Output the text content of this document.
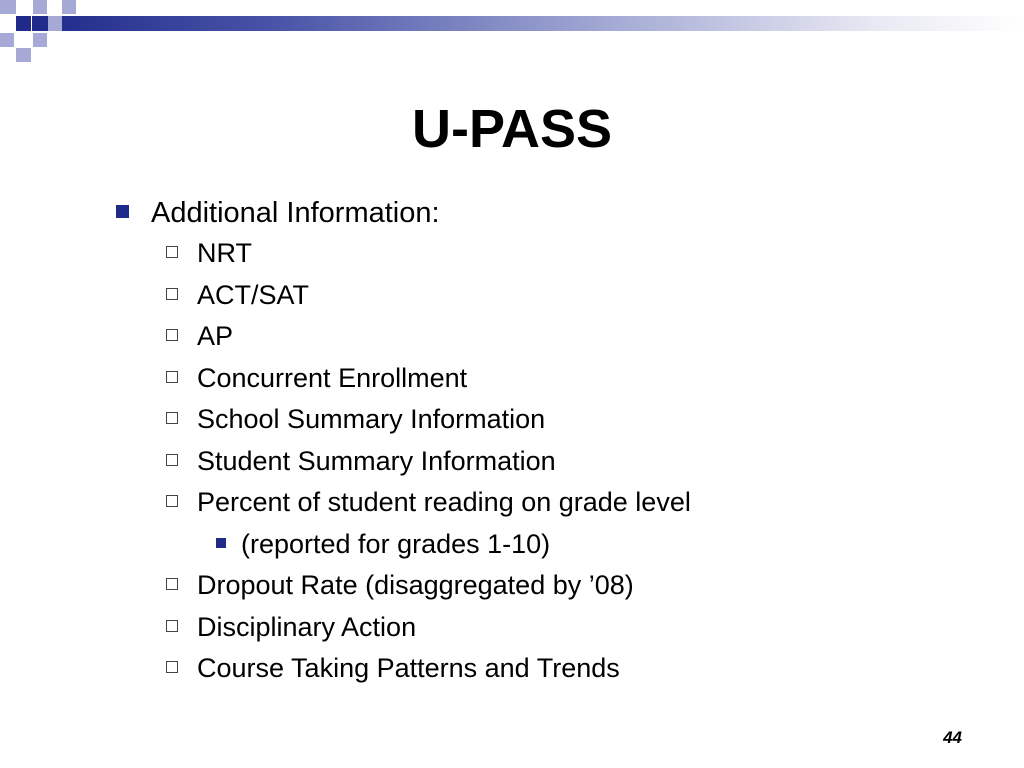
U-PASS
Additional Information:
NRT
ACT/SAT
AP
Concurrent Enrollment
School Summary Information
Student Summary Information
Percent of student reading on grade level
(reported for grades 1-10)
Dropout Rate (disaggregated by ’08)
Disciplinary Action
Course Taking Patterns and Trends
44
